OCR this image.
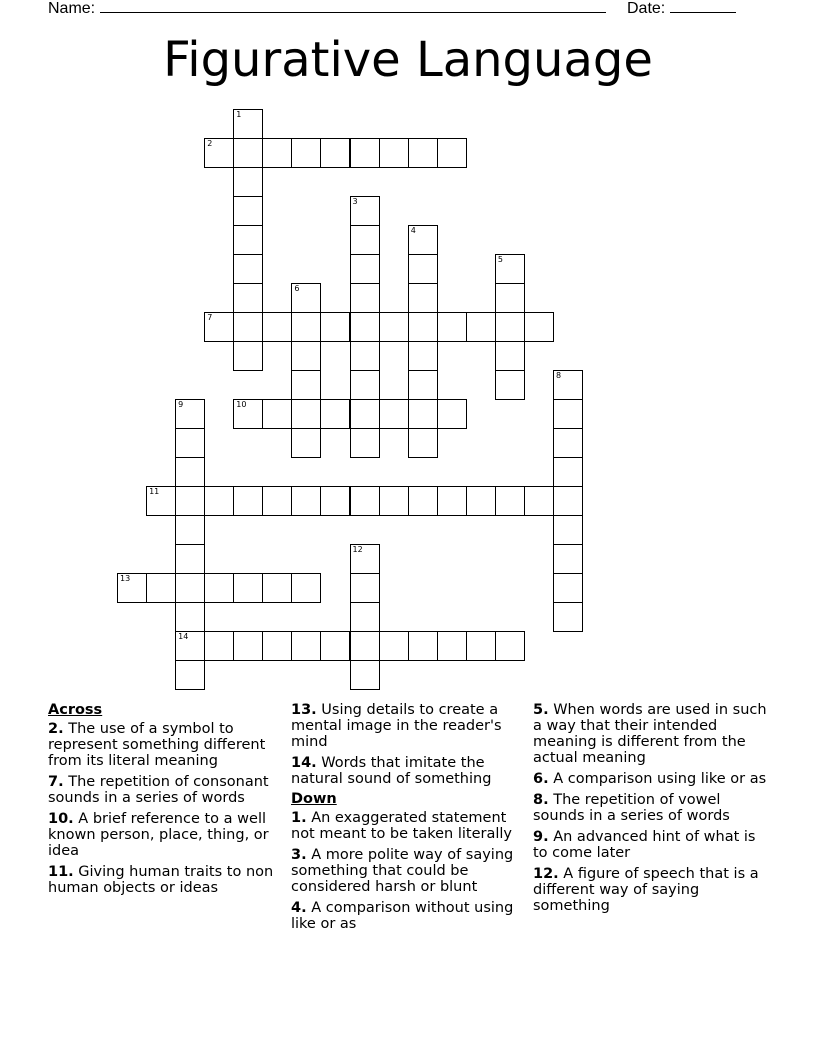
Name:	Date:
Figurative Language
1
2
3
4
5
6
7
8
9
14
10
11
12
13
Across
2. The use of a symbol to represent something different from its literal meaning
7. The repetition of consonant sounds in a series of words
10. A brief reference to a well known person, place, thing, or idea
11. Giving human traits to non human objects or ideas
13. Using details to create a mental image in the reader's mind
14. Words that imitate the natural sound of something
Down
1. An exaggerated statement not meant to be taken literally
3. A more polite way of saying something that could be considered harsh or blunt
4. A comparison without using like or as
5. When words are used in such a way that their intended meaning is different from the actual meaning
6. A comparison using like or as
8. The repetition of vowel sounds in a series of words
9. An advanced hint of what is to come later
12. A figure of speech that is a different way of saying something
